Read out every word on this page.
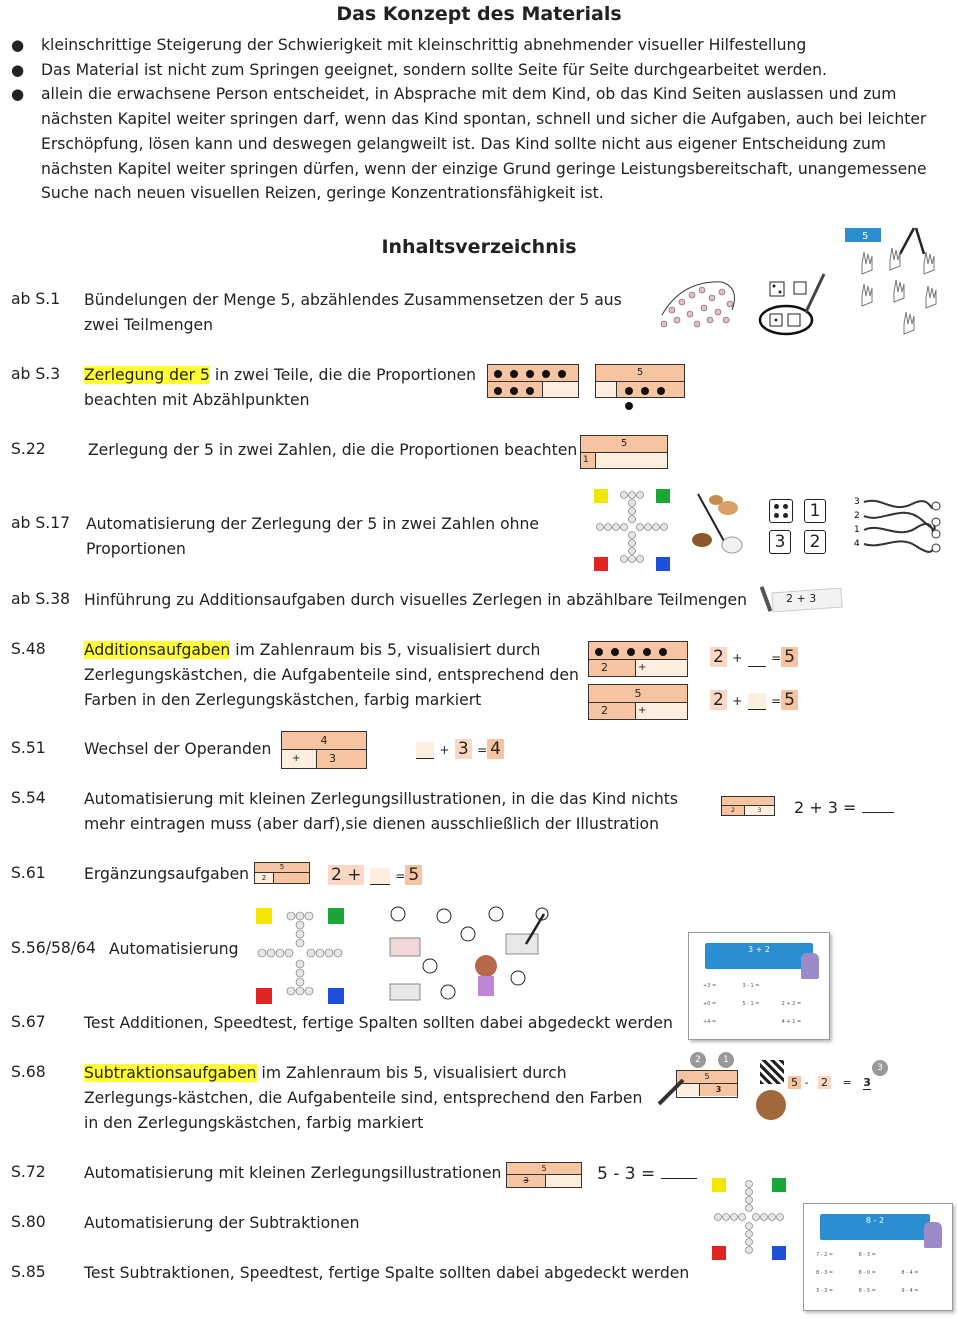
Das Konzept des Materials
● kleinschrittige Steigerung der Schwierigkeit mit kleinschrittig abnehmender visueller Hilfestellung
● Das Material ist nicht zum Springen geeignet, sondern sollte Seite für Seite durchgearbeitet werden.
● allein die erwachsene Person entscheidet, in Absprache mit dem Kind, ob das Kind Seiten auslassen und zum nächsten Kapitel weiter springen darf, wenn das Kind spontan, schnell und sicher die Aufgaben, auch bei leichter Erschöpfung, lösen kann und deswegen gelangweilt ist. Das Kind sollte nicht aus eigener Entscheidung zum nächsten Kapitel weiter springen dürfen, wenn der einzige Grund geringe Leistungsbereitschaft, unangemessene Suche nach neuen visuellen Reizen, geringe Konzentrationsfähigkeit ist.
Inhaltsverzeichnis
ab S.1 Bündelungen der Menge 5, abzählendes Zusammensetzen der 5 aus zwei Teilmengen
ab S.3 Zerlegung der 5 in zwei Teile, die die Proportionen beachten mit Abzählpunkten
S.22	Zerlegung der 5 in zwei Zahlen, die die Proportionen beachten
ab S.17 Automatisierung der Zerlegung der 5 in zwei Zahlen ohne Proportionen
ab S.38 Hinführung zu Additionsaufgaben durch visuelles Zerlegen in abzählbare Teilmengen
S.48 Additionsaufgaben im Zahlenraum bis 5, visualisiert durch Zerlegungskästchen, die Aufgabenteile sind, entsprechend den Farben in den Zerlegungskästchen, farbig markiert
S.51 Wechsel der Operanden
S.54 Automatisierung mit kleinen Zerlegungsillustrationen, in die das Kind nichts mehr eintragen muss (aber darf),sie dienen ausschließlich der Illustration
S.61 Ergänzungsaufgaben
S.56/58/64 Automatisierung
S.67 Test Additionen, Speedtest, fertige Spalten sollten dabei abgedeckt werden
S.68 Subtraktionsaufgaben im Zahlenraum bis 5, visualisiert durch Zerlegungs-kästchen, die Aufgabenteile sind, entsprechend den Farben in den Zerlegungskästchen, farbig markiert
S.72 Automatisierung mit kleinen Zerlegungsillustrationen
S.80 Automatisierung der Subtraktionen
S.85 Test Subtraktionen, Speedtest, fertige Spalte sollten dabei abgedeckt werden
5
5
5
1
1
3	2
3
2
1
4
2 + 3
2	+
5
2	+
2 + = 5
2 + = 5
4
+	3
+ 3 = 4
2	3	2 + 3 =
5
2	2 +	= 5
3 + 2
+3 =	3 - 1 =
+0 =	5 - 1 =	2 + 2 =
+4 =	4 + 1 =
2	1
5
3
5 - 2 = 3
3
5
3	5 - 3 =
8 - 2
7 - 2 =	6 - 3 =
8 - 3 =	8 - 0 =	8 - 4 =
3 - 3 =	8 - 5 =	9 - 4 =
